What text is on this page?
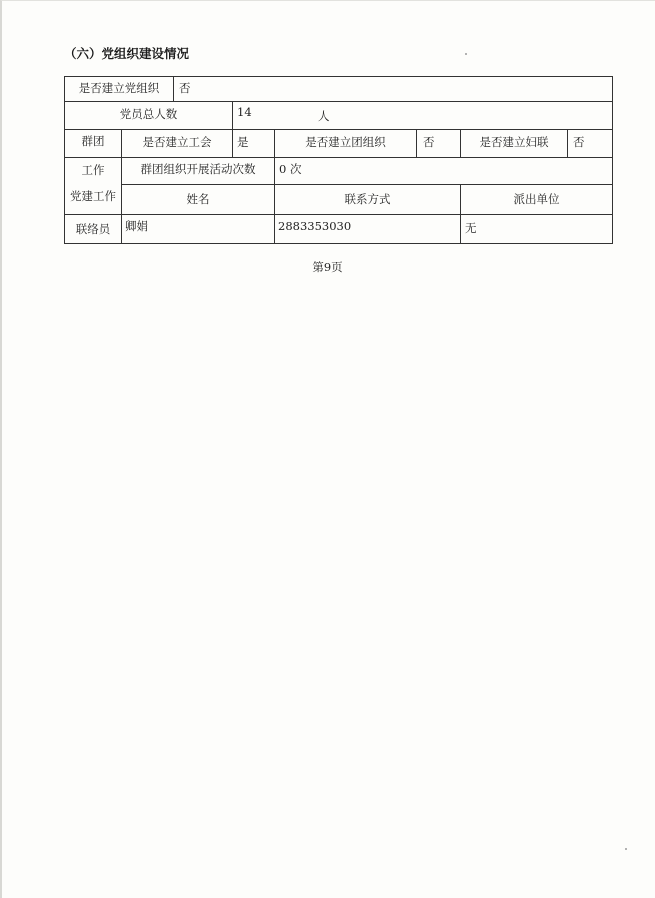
（六）党组织建设情况
是否建立党组织	否
党员总人数	14	人
群团	是否建立工会	是	是否建立团组织	否	是否建立妇联	否
工作	群团组织开展活动次数	0 次
党建工作	姓名	联系方式	派出单位
联络员	卿娟	2883353030	无
第9页
